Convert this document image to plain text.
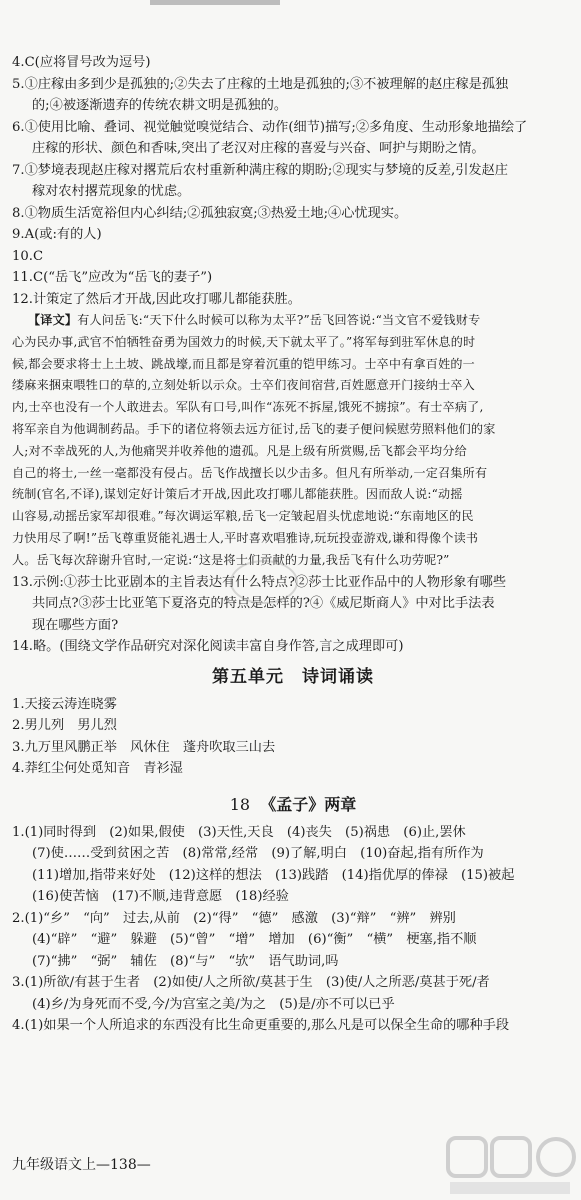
4.C(应将冒号改为逗号)

5.①庄稼由多到少是孤独的;②失去了庄稼的土地是孤独的;③不被理解的赵庄稼是孤独

的;④被逐渐遗弃的传统农耕文明是孤独的。

6.①使用比喻、叠词、视觉触觉嗅觉结合、动作(细节)描写;②多角度、生动形象地描绘了

庄稼的形状、颜色和香味,突出了老汉对庄稼的喜爱与兴奋、呵护与期盼之情。

7.①梦境表现赵庄稼对撂荒后农村重新种满庄稼的期盼;②现实与梦境的反差,引发赵庄

稼对农村撂荒现象的忧虑。

8.①物质生活宽裕但内心纠结;②孤独寂寞;③热爱土地;④心忧现实。

9.A(或:有的人)

10.C

11.C(“岳飞”应改为“岳飞的妻子”)

12.计策定了然后才开战,因此攻打哪儿都能获胜。

【译文】有人问岳飞:“天下什么时候可以称为太平?”岳飞回答说:“当文官不爱钱财专

心为民办事,武官不怕牺牲奋勇为国效力的时候,天下就太平了。”将军每到驻军休息的时

候,都会要求将士上土坡、跳战壕,而且都是穿着沉重的铠甲练习。士卒中有拿百姓的一

缕麻来捆束喂牲口的草的,立刻处斩以示众。士卒们夜间宿营,百姓愿意开门接纳士卒入

内,士卒也没有一个人敢进去。军队有口号,叫作“冻死不拆屋,饿死不掳掠”。有士卒病了,

将军亲自为他调制药品。手下的诸位将领去远方征讨,岳飞的妻子便问候慰劳照料他们的家

人;对不幸战死的人,为他痛哭并收养他的遗孤。凡是上级有所赏赐,岳飞都会平均分给

自己的将士,一丝一毫都没有侵占。岳飞作战擅长以少击多。但凡有所举动,一定召集所有

统制(官名,不译),谋划定好计策后才开战,因此攻打哪儿都能获胜。因而敌人说:“动摇

山容易,动摇岳家军却很难。”每次调运军粮,岳飞一定皱起眉头忧虑地说:“东南地区的民

力快用尽了啊!”岳飞尊重贤能礼遇士人,平时喜欢唱雅诗,玩玩投壶游戏,谦和得像个读书

人。岳飞每次辞谢升官时,一定说:“这是将士们贡献的力量,我岳飞有什么功劳呢?”

13.示例:①莎士比亚剧本的主旨表达有什么特点?②莎士比亚作品中的人物形象有哪些

共同点?③莎士比亚笔下夏洛克的特点是怎样的?④《威尼斯商人》中对比手法表

现在哪些方面?

14.略。(围绕文学作品研究对深化阅读丰富自身作答,言之成理即可)

第五单元　诗词诵读

1.天接云涛连晓雾

2.男儿列　男儿烈

3.九万里风鹏正举　风休住　蓬舟吹取三山去

4.莽红尘何处觅知音　青衫湿

18 《孟子》两章

1.(1)同时得到　(2)如果,假使　(3)天性,天良　(4)丧失　(5)祸患　(6)止,罢休

(7)使……受到贫困之苦　(8)常常,经常　(9)了解,明白　(10)奋起,指有所作为

(11)增加,指带来好处　(12)这样的想法　(13)践踏　(14)指优厚的俸禄　(15)被起

(16)使苦恼　(17)不顺,违背意愿　(18)经验

2.(1)“乡”　“向”　过去,从前　(2)“得”　“德”　感激　(3)“辩”　“辨”　辨别

(4)“辟”　“避”　躲避　(5)“曾”　“增”　增加　(6)“衡”　“横”　梗塞,指不顺

(7)“拂”　“弼”　辅佐　(8)“与”　“欤”　语气助词,吗

3.(1)所欲/有甚于生者　(2)如使/人之所欲/莫甚于生　(3)使/人之所恶/莫甚于死/者

(4)乡/为身死而不受,今/为宫室之美/为之　(5)是/亦不可以已乎

4.(1)如果一个人所追求的东西没有比生命更重要的,那么凡是可以保全生命的哪种手段

九年级语文上—138—
